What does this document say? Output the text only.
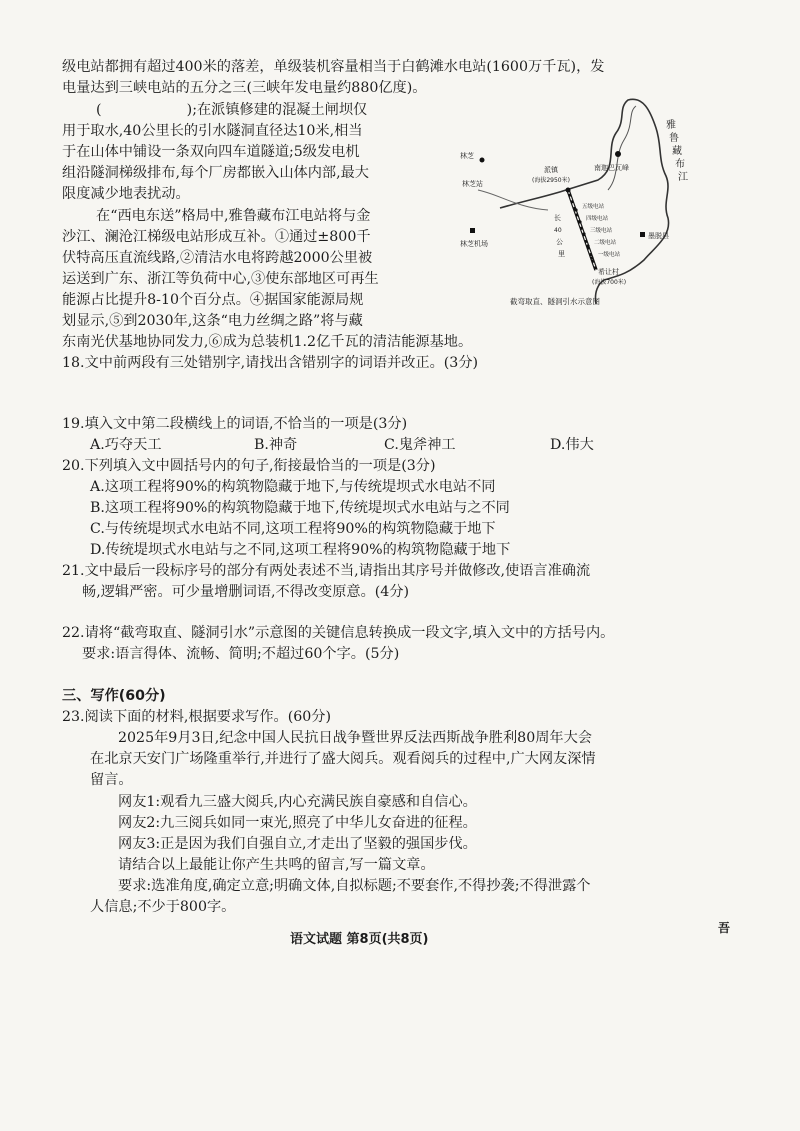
级电站都拥有超过400米的落差，单级装机容量相当于白鹤滩水电站(1600万千瓦)，发
电量达到三峡电站的五分之三(三峡年发电量约880亿度)。
(　　　　　　);在派镇修建的混凝土闸坝仅
用于取水,40公里长的引水隧洞直径达10米,相当
于在山体中铺设一条双向四车道隧道;5级发电机
组沿隧洞梯级排布,每个厂房都嵌入山体内部,最大
限度减少地表扰动。
在“西电东送”格局中,雅鲁藏布江电站将与金
沙江、澜沧江梯级电站形成互补。①通过±800千
伏特高压直流线路,②清洁水电将跨越2000公里被
运送到广东、浙江等负荷中心,③使东部地区可再生
能源占比提升8-10个百分点。④据国家能源局规
划显示,⑤到2030年,这条“电力丝绸之路”将与藏
东南光伏基地协同发力,⑥成为总装机1.2亿千瓦的清洁能源基地。
雅
鲁
藏
布
江
林芝
林芝站
林芝机场
派镇
(海拔2950米)
南迦巴瓦峰
五级电站
四级电站
三级电站
二级电站
一级电站
长
40
公
里
墨脱县
希让村
(海拔700米)
截弯取直、隧洞引水示意图
18.文中前两段有三处错别字,请找出含错别字的词语并改正。(3分)
19.填入文中第二段横线上的词语,不恰当的一项是(3分)
A.巧夺天工	B.神奇	C.鬼斧神工	D.伟大
20.下列填入文中圆括号内的句子,衔接最恰当的一项是(3分)
A.这项工程将90%的构筑物隐藏于地下,与传统堤坝式水电站不同
B.这项工程将90%的构筑物隐藏于地下,传统堤坝式水电站与之不同
C.与传统堤坝式水电站不同,这项工程将90%的构筑物隐藏于地下
D.传统堤坝式水电站与之不同,这项工程将90%的构筑物隐藏于地下
21.文中最后一段标序号的部分有两处表述不当,请指出其序号并做修改,使语言准确流
畅,逻辑严密。可少量增删词语,不得改变原意。(4分)
22.请将“截弯取直、隧洞引水”示意图的关键信息转换成一段文字,填入文中的方括号内。
要求:语言得体、流畅、简明;不超过60个字。(5分)
三、写作(60分)
23.阅读下面的材料,根据要求写作。(60分)
2025年9月3日,纪念中国人民抗日战争暨世界反法西斯战争胜利80周年大会
在北京天安门广场隆重举行,并进行了盛大阅兵。观看阅兵的过程中,广大网友深情
留言。
网友1:观看九三盛大阅兵,内心充满民族自豪感和自信心。
网友2:九三阅兵如同一束光,照亮了中华儿女奋进的征程。
网友3:正是因为我们自强自立,才走出了坚毅的强国步伐。
请结合以上最能让你产生共鸣的留言,写一篇文章。
要求:选准角度,确定立意;明确文体,自拟标题;不要套作,不得抄袭;不得泄露个
人信息;不少于800字。
语文试题 第8页(共8页)
吾
